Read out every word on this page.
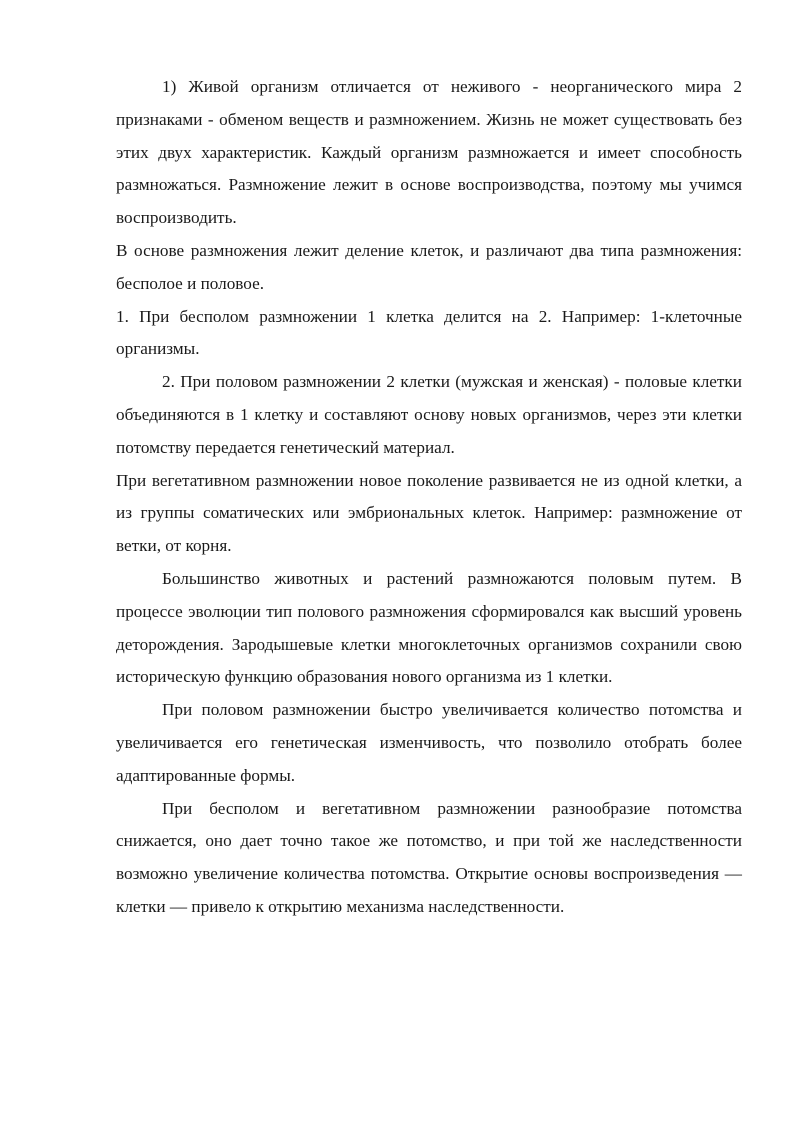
1) Живой организм отличается от неживого - неорганического мира 2 признаками - обменом веществ и размножением. Жизнь не может существовать без этих двух характеристик. Каждый организм размножается и имеет способность размножаться. Размножение лежит в основе воспроизводства, поэтому мы учимся воспроизводить.

В основе размножения лежит деление клеток, и различают два типа размножения: бесполое и половое.

1. При бесполом размножении 1 клетка делится на 2. Например: 1-клеточные организмы.

2. При половом размножении 2 клетки (мужская и женская) - половые клетки объединяются в 1 клетку и составляют основу новых организмов, через эти клетки потомству передается генетический материал.

При вегетативном размножении новое поколение развивается не из одной клетки, а из группы соматических или эмбриональных клеток. Например: размножение от ветки, от корня.

Большинство животных и растений размножаются половым путем. В процессе эволюции тип полового размножения сформировался как высший уровень деторождения. Зародышевые клетки многоклеточных организмов сохранили свою историческую функцию образования нового организма из 1 клетки.

При половом размножении быстро увеличивается количество потомства и увеличивается его генетическая изменчивость, что позволило отобрать более адаптированные формы.

При бесполом и вегетативном размножении разнообразие потомства снижается, оно дает точно такое же потомство, и при той же наследственности возможно увеличение количества потомства. Открытие основы воспроизведения — клетки — привело к открытию механизма наследственности.
